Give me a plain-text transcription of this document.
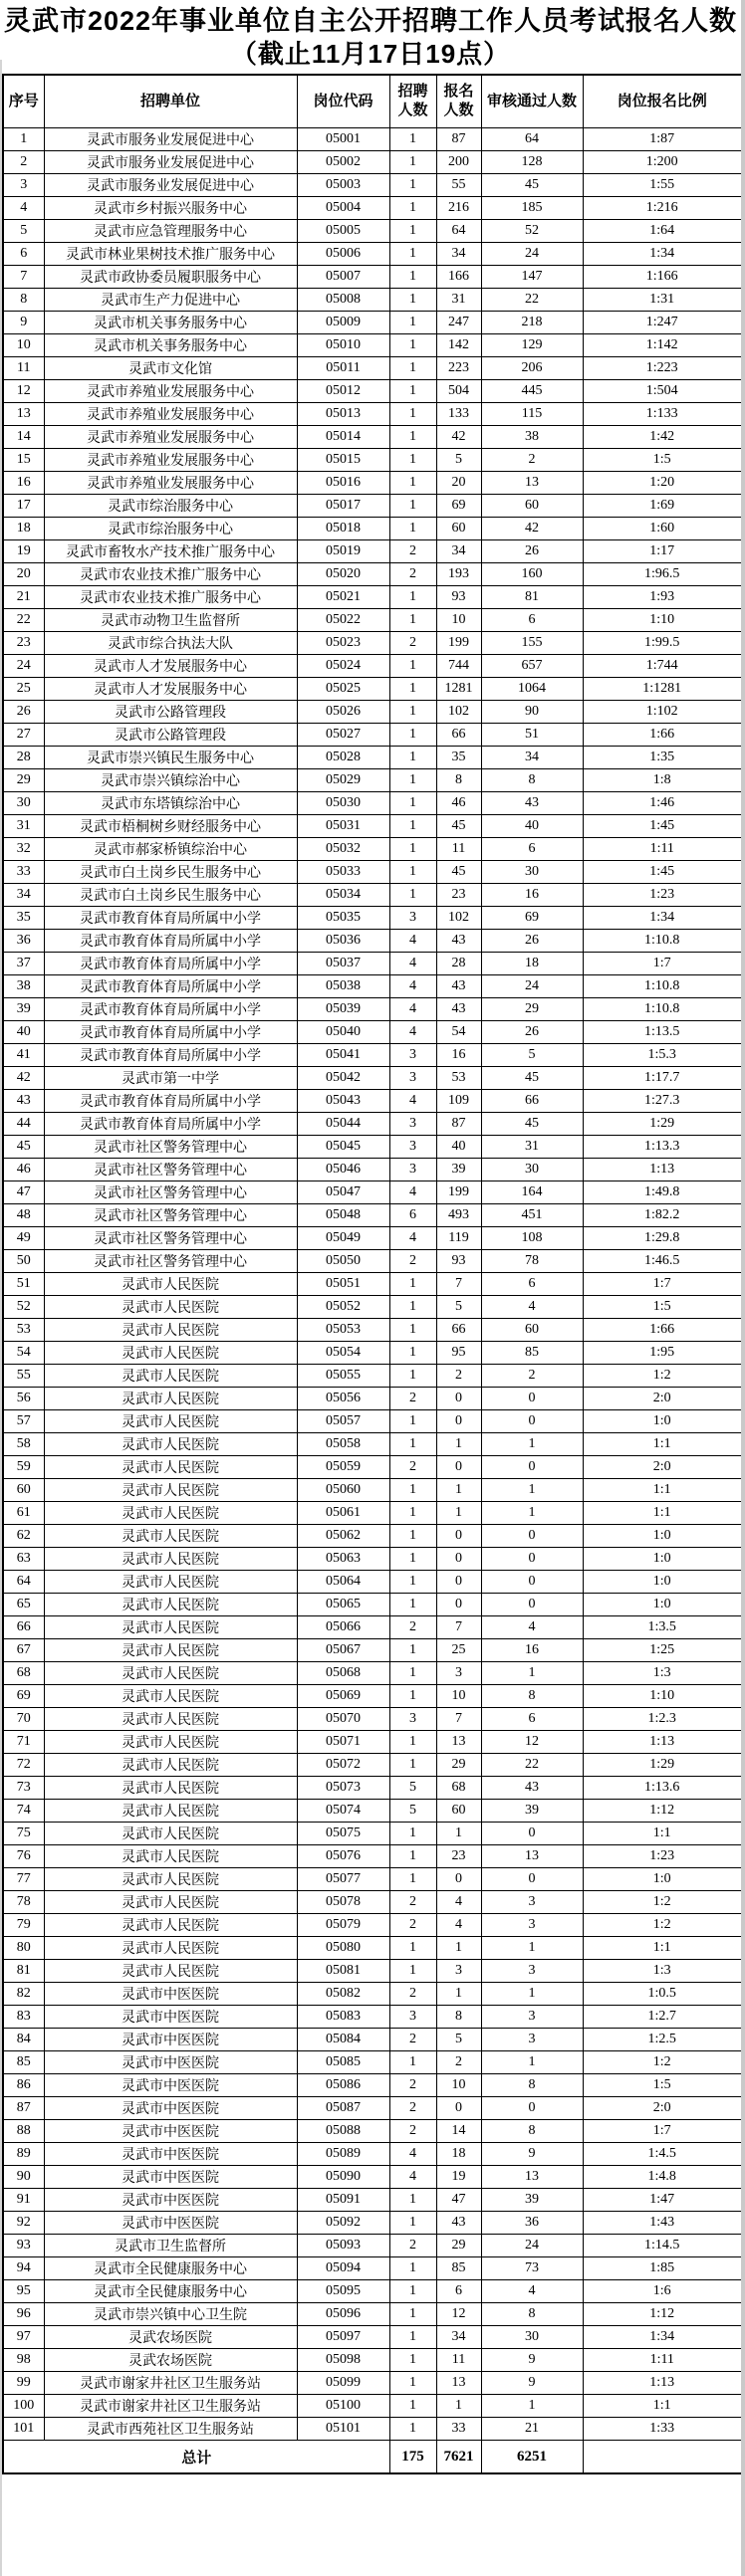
灵武市2022年事业单位自主公开招聘工作人员考试报名人数
（截止11月17日19点）
序号	招聘单位	岗位代码	招聘人数	报名人数	审核通过人数	岗位报名比例
1	灵武市服务业发展促进中心	05001	1	87	64	1:87
2	灵武市服务业发展促进中心	05002	1	200	128	1:200
3	灵武市服务业发展促进中心	05003	1	55	45	1:55
4	灵武市乡村振兴服务中心	05004	1	216	185	1:216
5	灵武市应急管理服务中心	05005	1	64	52	1:64
6	灵武市林业果树技术推广服务中心	05006	1	34	24	1:34
7	灵武市政协委员履职服务中心	05007	1	166	147	1:166
8	灵武市生产力促进中心	05008	1	31	22	1:31
9	灵武市机关事务服务中心	05009	1	247	218	1:247
10	灵武市机关事务服务中心	05010	1	142	129	1:142
11	灵武市文化馆	05011	1	223	206	1:223
12	灵武市养殖业发展服务中心	05012	1	504	445	1:504
13	灵武市养殖业发展服务中心	05013	1	133	115	1:133
14	灵武市养殖业发展服务中心	05014	1	42	38	1:42
15	灵武市养殖业发展服务中心	05015	1	5	2	1:5
16	灵武市养殖业发展服务中心	05016	1	20	13	1:20
17	灵武市综治服务中心	05017	1	69	60	1:69
18	灵武市综治服务中心	05018	1	60	42	1:60
19	灵武市畜牧水产技术推广服务中心	05019	2	34	26	1:17
20	灵武市农业技术推广服务中心	05020	2	193	160	1:96.5
21	灵武市农业技术推广服务中心	05021	1	93	81	1:93
22	灵武市动物卫生监督所	05022	1	10	6	1:10
23	灵武市综合执法大队	05023	2	199	155	1:99.5
24	灵武市人才发展服务中心	05024	1	744	657	1:744
25	灵武市人才发展服务中心	05025	1	1281	1064	1:1281
26	灵武市公路管理段	05026	1	102	90	1:102
27	灵武市公路管理段	05027	1	66	51	1:66
28	灵武市崇兴镇民生服务中心	05028	1	35	34	1:35
29	灵武市崇兴镇综治中心	05029	1	8	8	1:8
30	灵武市东塔镇综治中心	05030	1	46	43	1:46
31	灵武市梧桐树乡财经服务中心	05031	1	45	40	1:45
32	灵武市郝家桥镇综治中心	05032	1	11	6	1:11
33	灵武市白土岗乡民生服务中心	05033	1	45	30	1:45
34	灵武市白土岗乡民生服务中心	05034	1	23	16	1:23
35	灵武市教育体育局所属中小学	05035	3	102	69	1:34
36	灵武市教育体育局所属中小学	05036	4	43	26	1:10.8
37	灵武市教育体育局所属中小学	05037	4	28	18	1:7
38	灵武市教育体育局所属中小学	05038	4	43	24	1:10.8
39	灵武市教育体育局所属中小学	05039	4	43	29	1:10.8
40	灵武市教育体育局所属中小学	05040	4	54	26	1:13.5
41	灵武市教育体育局所属中小学	05041	3	16	5	1:5.3
42	灵武市第一中学	05042	3	53	45	1:17.7
43	灵武市教育体育局所属中小学	05043	4	109	66	1:27.3
44	灵武市教育体育局所属中小学	05044	3	87	45	1:29
45	灵武市社区警务管理中心	05045	3	40	31	1:13.3
46	灵武市社区警务管理中心	05046	3	39	30	1:13
47	灵武市社区警务管理中心	05047	4	199	164	1:49.8
48	灵武市社区警务管理中心	05048	6	493	451	1:82.2
49	灵武市社区警务管理中心	05049	4	119	108	1:29.8
50	灵武市社区警务管理中心	05050	2	93	78	1:46.5
51	灵武市人民医院	05051	1	7	6	1:7
52	灵武市人民医院	05052	1	5	4	1:5
53	灵武市人民医院	05053	1	66	60	1:66
54	灵武市人民医院	05054	1	95	85	1:95
55	灵武市人民医院	05055	1	2	2	1:2
56	灵武市人民医院	05056	2	0	0	2:0
57	灵武市人民医院	05057	1	0	0	1:0
58	灵武市人民医院	05058	1	1	1	1:1
59	灵武市人民医院	05059	2	0	0	2:0
60	灵武市人民医院	05060	1	1	1	1:1
61	灵武市人民医院	05061	1	1	1	1:1
62	灵武市人民医院	05062	1	0	0	1:0
63	灵武市人民医院	05063	1	0	0	1:0
64	灵武市人民医院	05064	1	0	0	1:0
65	灵武市人民医院	05065	1	0	0	1:0
66	灵武市人民医院	05066	2	7	4	1:3.5
67	灵武市人民医院	05067	1	25	16	1:25
68	灵武市人民医院	05068	1	3	1	1:3
69	灵武市人民医院	05069	1	10	8	1:10
70	灵武市人民医院	05070	3	7	6	1:2.3
71	灵武市人民医院	05071	1	13	12	1:13
72	灵武市人民医院	05072	1	29	22	1:29
73	灵武市人民医院	05073	5	68	43	1:13.6
74	灵武市人民医院	05074	5	60	39	1:12
75	灵武市人民医院	05075	1	1	0	1:1
76	灵武市人民医院	05076	1	23	13	1:23
77	灵武市人民医院	05077	1	0	0	1:0
78	灵武市人民医院	05078	2	4	3	1:2
79	灵武市人民医院	05079	2	4	3	1:2
80	灵武市人民医院	05080	1	1	1	1:1
81	灵武市人民医院	05081	1	3	3	1:3
82	灵武市中医医院	05082	2	1	1	1:0.5
83	灵武市中医医院	05083	3	8	3	1:2.7
84	灵武市中医医院	05084	2	5	3	1:2.5
85	灵武市中医医院	05085	1	2	1	1:2
86	灵武市中医医院	05086	2	10	8	1:5
87	灵武市中医医院	05087	2	0	0	2:0
88	灵武市中医医院	05088	2	14	8	1:7
89	灵武市中医医院	05089	4	18	9	1:4.5
90	灵武市中医医院	05090	4	19	13	1:4.8
91	灵武市中医医院	05091	1	47	39	1:47
92	灵武市中医医院	05092	1	43	36	1:43
93	灵武市卫生监督所	05093	2	29	24	1:14.5
94	灵武市全民健康服务中心	05094	1	85	73	1:85
95	灵武市全民健康服务中心	05095	1	6	4	1:6
96	灵武市崇兴镇中心卫生院	05096	1	12	8	1:12
97	灵武农场医院	05097	1	34	30	1:34
98	灵武农场医院	05098	1	11	9	1:11
99	灵武市谢家井社区卫生服务站	05099	1	13	9	1:13
100	灵武市谢家井社区卫生服务站	05100	1	1	1	1:1
101	灵武市西苑社区卫生服务站	05101	1	33	21	1:33
总计			175	7621	6251	
